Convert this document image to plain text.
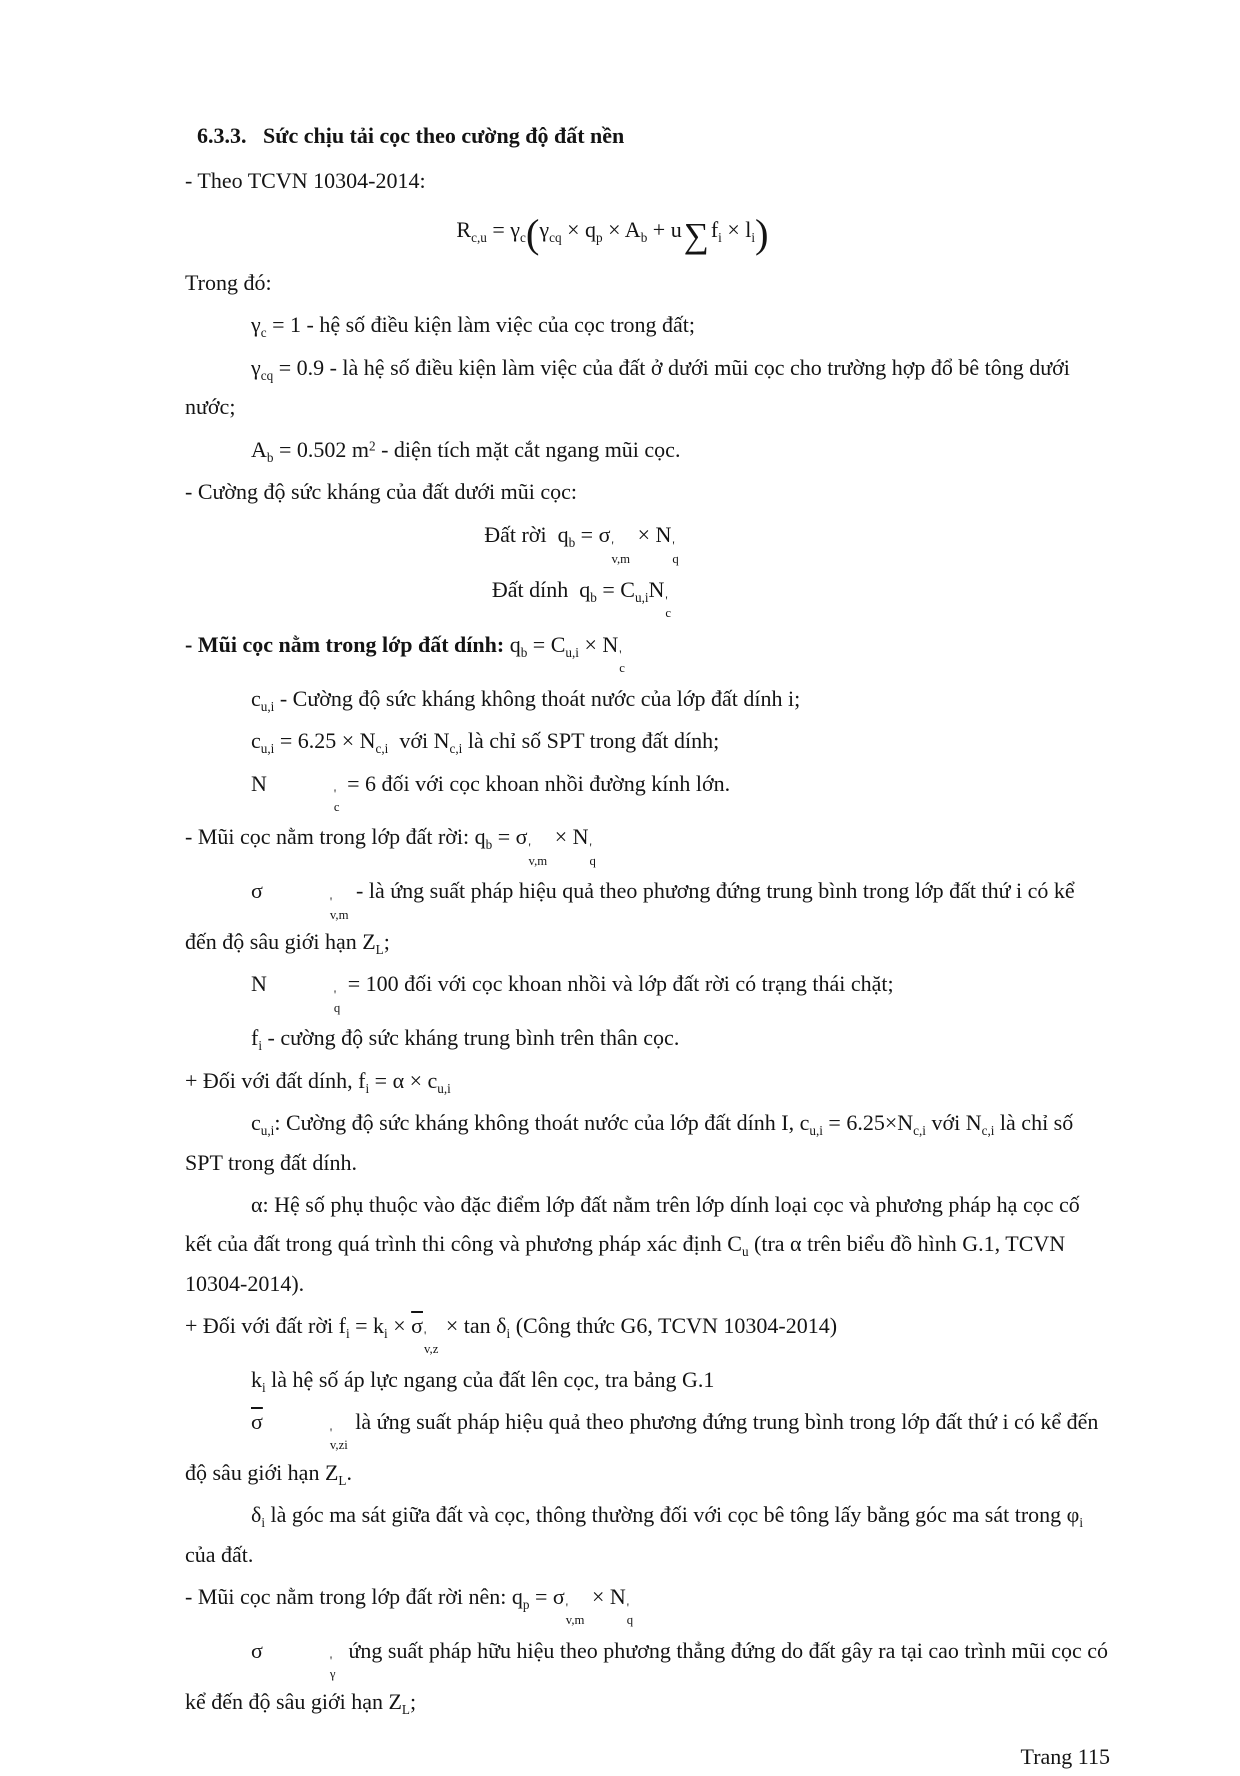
6.3.3.   Sức chịu tải cọc theo cường độ đất nền
- Theo TCVN 10304-2014:
$R_{c,u} = \gamma_c(\gamma_{cq} \times q_p \times A_b + u\sum f_i \times l_i)$
Trong đó:
$\gamma_c = 1$ - hệ số điều kiện làm việc của cọc trong đất;
$\gamma_{cq} = 0.9$ - là hệ số điều kiện làm việc của đất ở dưới mũi cọc cho trường hợp đổ bê tông dưới nước;
$A_b = 0.502$ $m^2$ - diện tích mặt cắt ngang mũi cọc.
- Cường độ sức kháng của đất dưới mũi cọc:
Đất rời  $q_b = \sigma$ '
v,m
× N '
q
Đất dính  $q_b = C_{u,i}N$ '
c
- Mũi cọc nằm trong lớp đất dính: $q_b = C_{u,i} \times N$ '
c
$c_{u,i}$ - Cường độ sức kháng không thoát nước của lớp đất dính i;
$c_{u,i} = 6.25 \times N_{c,i}$  với $N_{c,i}$ là chỉ số SPT trong đất dính;
N	'
c
= 6 đối với cọc khoan nhồi đường kính lớn.
- Mũi cọc nằm trong lớp đất rời: $q_b = \sigma$ '
v,m
× N '
q
σ	'
v,m
- là ứng suất pháp hiệu quả theo phương đứng trung bình trong lớp đất thứ i có kể đến độ sâu giới hạn $Z_L$;
N	'
q
= 100 đối với cọc khoan nhồi và lớp đất rời có trạng thái chặt;
$f_i$ - cường độ sức kháng trung bình trên thân cọc.
+ Đối với đất dính, $f_i = \alpha \times c_{u,i}$
$c_{u,i}$: Cường độ sức kháng không thoát nước của lớp đất dính I, $c_{u,i} = 6.25\times N_{c,i}$ với $N_{c,i}$ là chỉ số SPT trong đất dính.
α: Hệ số phụ thuộc vào đặc điểm lớp đất nằm trên lớp dính loại cọc và phương pháp hạ cọc cố kết của đất trong quá trình thi công và phương pháp xác định $C_u$ (tra α trên biểu đồ hình G.1, TCVN 10304-2014).
+ Đối với đất rời $f_i = k_i \times \overline{\sigma}$ '
v,z
× $\tan \delta_i$ (Công thức G6, TCVN 10304-2014)
$k_i$ là hệ số áp lực ngang của đất lên cọc, tra bảng G.1
$\overline{\sigma}$	'
v,zi
là ứng suất pháp hiệu quả theo phương đứng trung bình trong lớp đất thứ i có kể đến độ sâu giới hạn $Z_L$.
$\delta_i$ là góc ma sát giữa đất và cọc, thông thường đối với cọc bê tông lấy bằng góc ma sát trong $\varphi_i$ của đất.
- Mũi cọc nằm trong lớp đất rời nên: $q_p = \sigma$ '
v,m
× N '
q
σ	'
γ
ứng suất pháp hữu hiệu theo phương thẳng đứng do đất gây ra tại cao trình mũi cọc có kể đến độ sâu giới hạn $Z_L$;
Trang 115
